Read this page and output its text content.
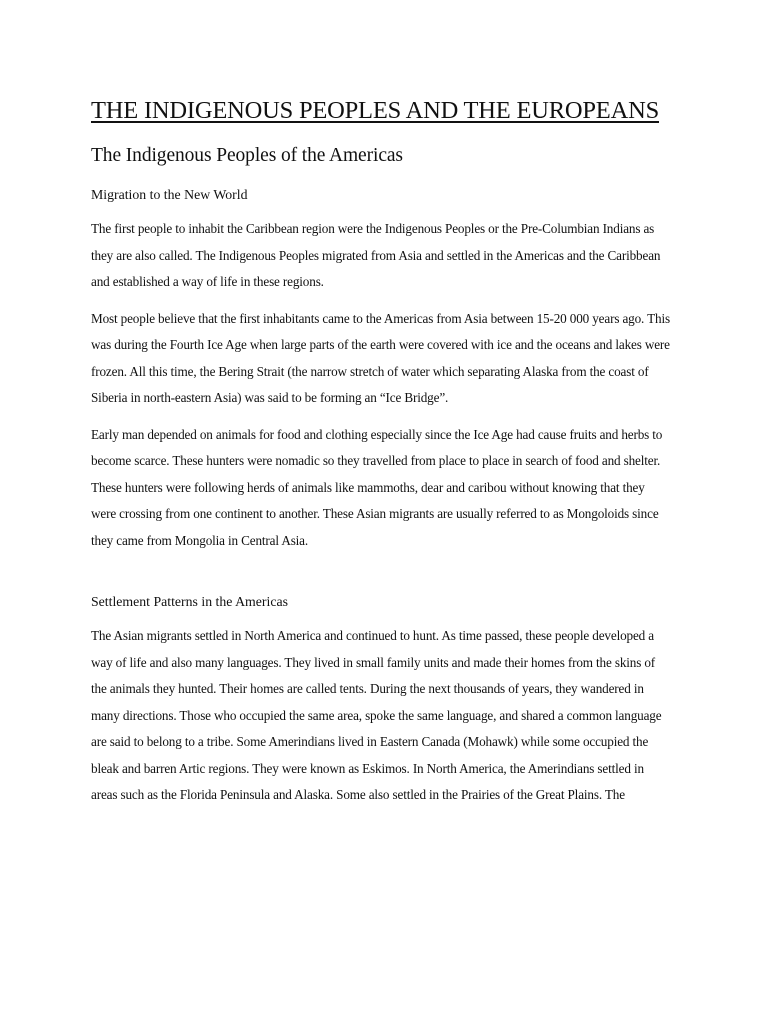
THE INDIGENOUS PEOPLES AND THE EUROPEANS
The Indigenous Peoples of the Americas
Migration to the New World

The first people to inhabit the Caribbean region were the Indigenous Peoples or the Pre-Columbian Indians as they are also called. The Indigenous Peoples migrated from Asia and settled in the Americas and the Caribbean and established a way of life in these regions.

Most people believe that the first inhabitants came to the Americas from Asia between 15-20 000 years ago. This was during the Fourth Ice Age when large parts of the earth were covered with ice and the oceans and lakes were frozen. All this time, the Bering Strait (the narrow stretch of water which separating Alaska from the coast of Siberia in north-eastern Asia) was said to be forming an “Ice Bridge”.

Early man depended on animals for food and clothing especially since the Ice Age had cause fruits and herbs to become scarce. These hunters were nomadic so they travelled from place to place in search of food and shelter. These hunters were following herds of animals like mammoths, dear and caribou without knowing that they were crossing from one continent to another. These Asian migrants are usually referred to as Mongoloids since they came from Mongolia in Central Asia.

Settlement Patterns in the Americas

The Asian migrants settled in North America and continued to hunt. As time passed, these people developed a way of life and also many languages. They lived in small family units and made their homes from the skins of the animals they hunted. Their homes are called tents. During the next thousands of years, they wandered in many directions. Those who occupied the same area, spoke the same language, and shared a common language are said to belong to a tribe. Some Amerindians lived in Eastern Canada (Mohawk) while some occupied the bleak and barren Artic regions. They were known as Eskimos. In North America, the Amerindians settled in areas such as the Florida Peninsula and Alaska. Some also settled in the Prairies of the Great Plains. The
